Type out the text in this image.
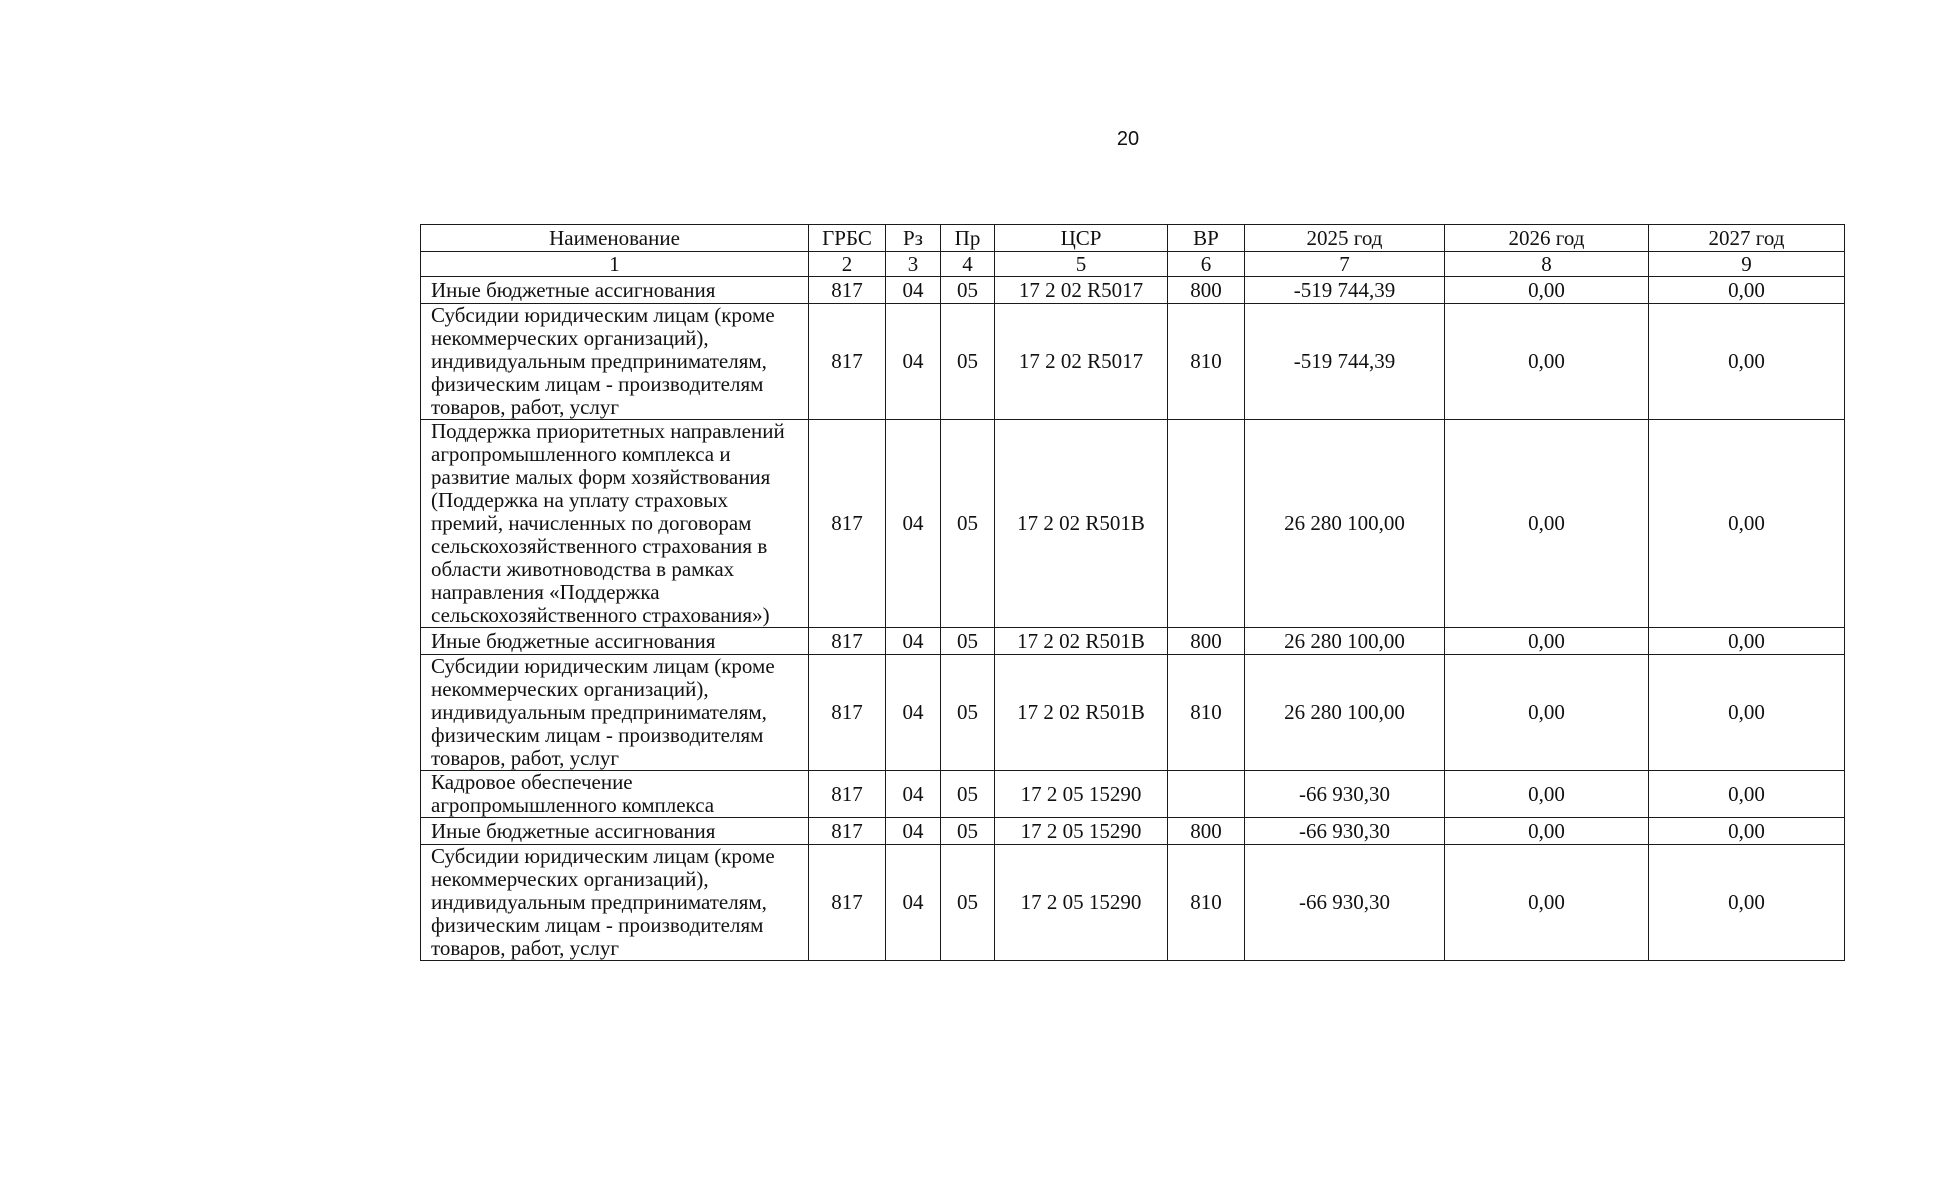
20
Наименование	ГРБС	Рз	Пр	ЦСР	ВР	2025 год	2026 год	2027 год
1	2	3	4	5	6	7	8	9
Иные бюджетные ассигнования	817	04	05	17 2 02 R5017	800	-519 744,39	0,00	0,00
Субсидии юридическим лицам (кроме некоммерческих организаций), индивидуальным предпринимателям, физическим лицам - производителям товаров, работ, услуг	817	04	05	17 2 02 R5017	810	-519 744,39	0,00	0,00
Поддержка приоритетных направлений агропромышленного комплекса и развитие малых форм хозяйствования (Поддержка на уплату страховых премий, начисленных по договорам сельскохозяйственного страхования в области животноводства в рамках направления «Поддержка сельскохозяйственного страхования»)	817	04	05	17 2 02 R501B		26 280 100,00	0,00	0,00
Иные бюджетные ассигнования	817	04	05	17 2 02 R501B	800	26 280 100,00	0,00	0,00
Субсидии юридическим лицам (кроме некоммерческих организаций), индивидуальным предпринимателям, физическим лицам - производителям товаров, работ, услуг	817	04	05	17 2 02 R501B	810	26 280 100,00	0,00	0,00
Кадровое обеспечение агропромышленного комплекса	817	04	05	17 2 05 15290		-66 930,30	0,00	0,00
Иные бюджетные ассигнования	817	04	05	17 2 05 15290	800	-66 930,30	0,00	0,00
Субсидии юридическим лицам (кроме некоммерческих организаций), индивидуальным предпринимателям, физическим лицам - производителям товаров, работ, услуг	817	04	05	17 2 05 15290	810	-66 930,30	0,00	0,00
